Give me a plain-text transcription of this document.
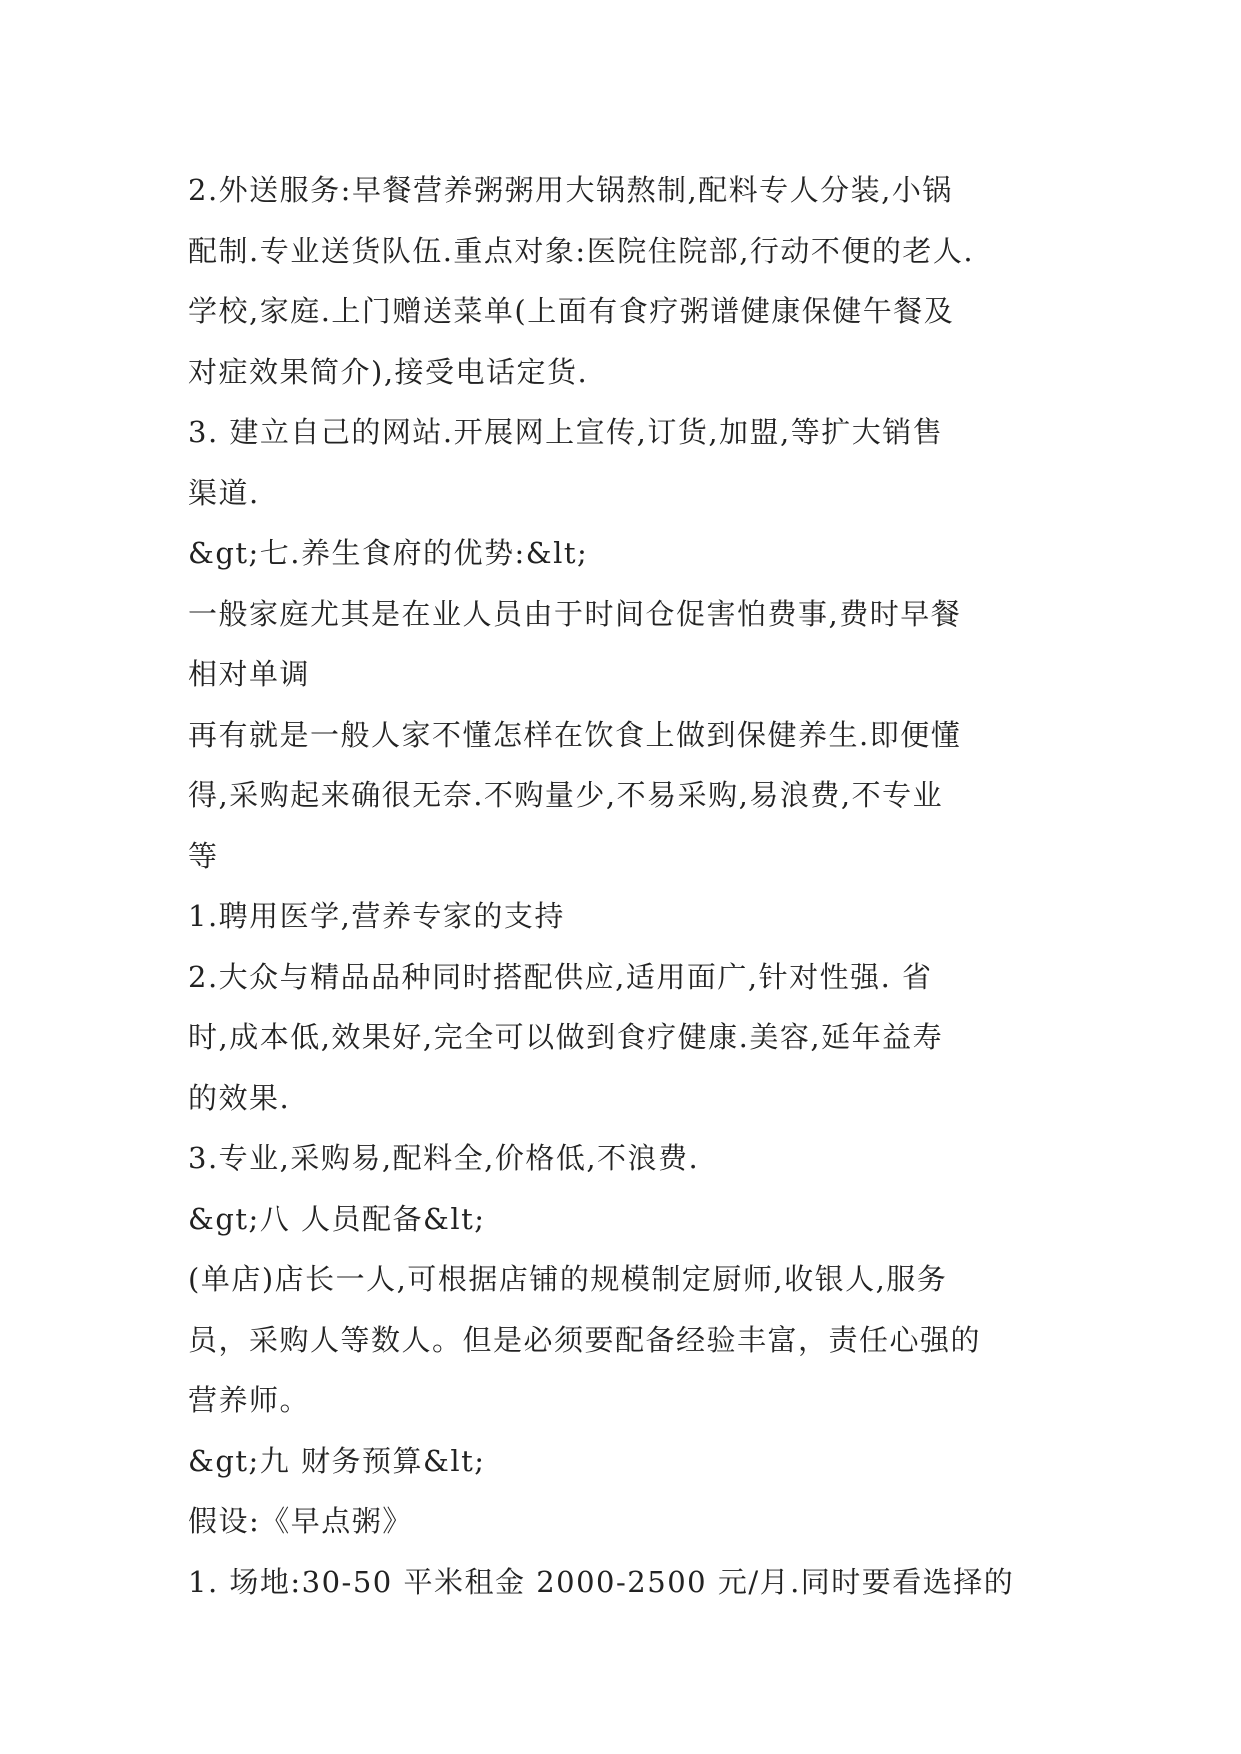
2.外送服务:早餐营养粥粥用大锅熬制,配料专人分装,小锅
配制.专业送货队伍.重点对象:医院住院部,行动不便的老人.
学校,家庭.上门赠送菜单(上面有食疗粥谱健康保健午餐及
对症效果简介),接受电话定货.
3. 建立自己的网站.开展网上宣传,订货,加盟,等扩大销售
渠道.
&gt;七.养生食府的优势:&lt;
一般家庭尤其是在业人员由于时间仓促害怕费事,费时早餐
相对单调
再有就是一般人家不懂怎样在饮食上做到保健养生.即便懂
得,采购起来确很无奈.不购量少,不易采购,易浪费,不专业
等
1.聘用医学,营养专家的支持
2.大众与精品品种同时搭配供应,适用面广,针对性强. 省
时,成本低,效果好,完全可以做到食疗健康.美容,延年益寿
的效果.
3.专业,采购易,配料全,价格低,不浪费.
&gt;八 人员配备&lt;
(单店)店长一人,可根据店铺的规模制定厨师,收银人,服务
员，采购人等数人。但是必须要配备经验丰富，责任心强的
营养师。
&gt;九 财务预算&lt;
假设:《早点粥》
1. 场地:30-50 平米租金 2000-2500 元/月.同时要看选择的
